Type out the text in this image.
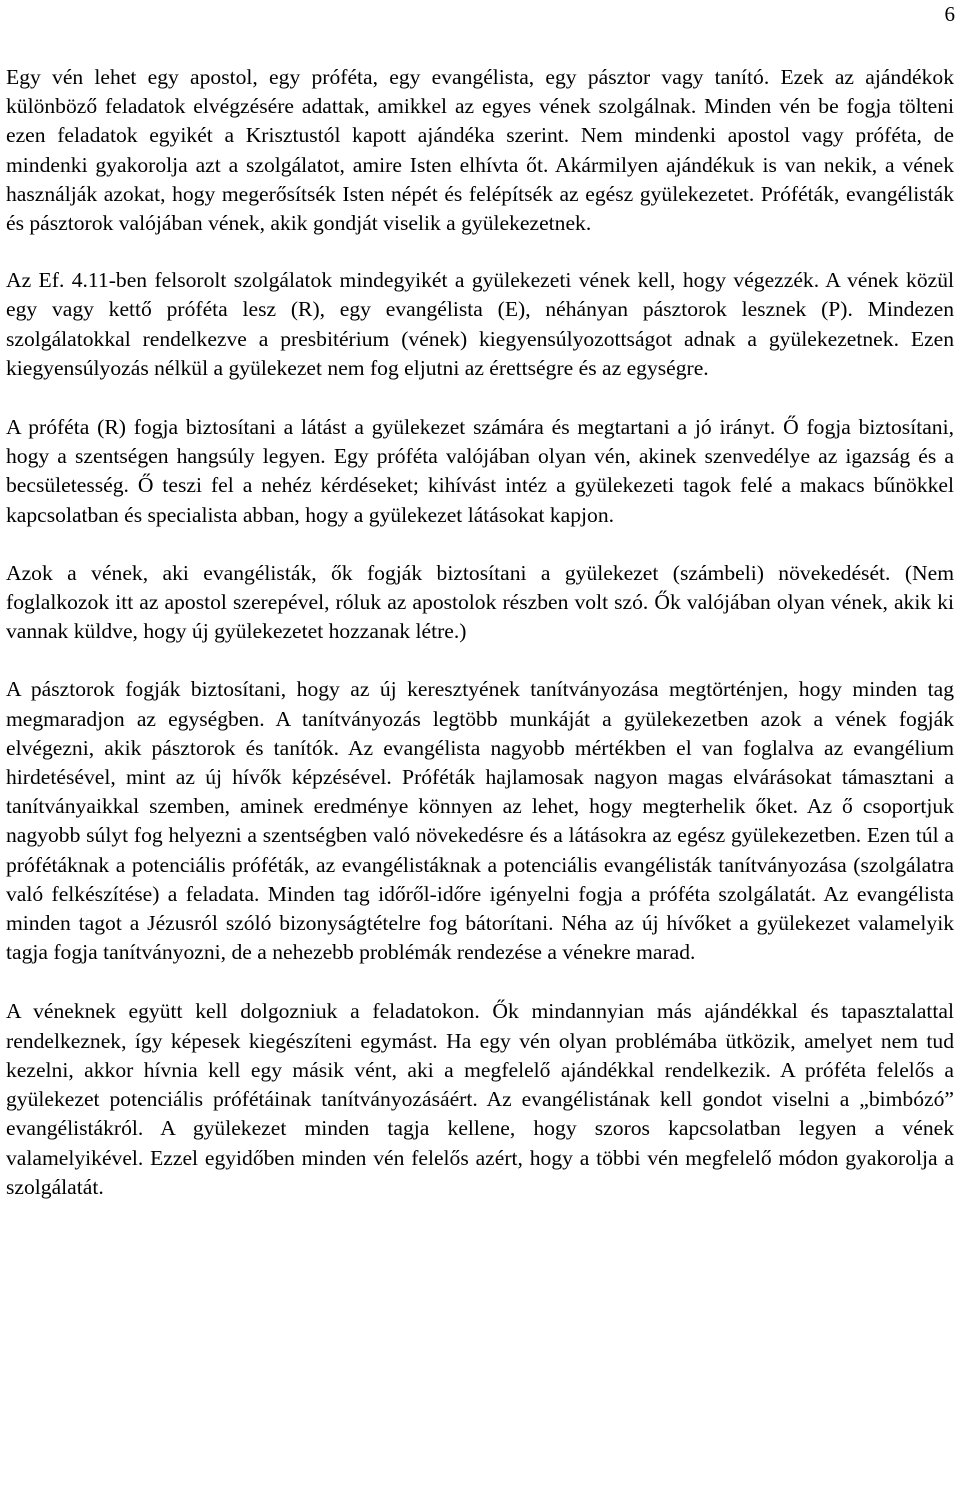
6

Egy vén lehet egy apostol, egy próféta, egy evangélista, egy pásztor vagy tanító. Ezek az ajándékok különböző feladatok elvégzésére adattak, amikkel az egyes vének szolgálnak. Minden vén be fogja tölteni ezen feladatok egyikét a Krisztustól kapott ajándéka szerint. Nem mindenki apostol vagy próféta, de mindenki gyakorolja azt a szolgálatot, amire Isten elhívta őt. Akármilyen ajándékuk is van nekik, a vének használják azokat, hogy megerősítsék Isten népét és felépítsék az egész gyülekezetet. Próféták, evangélisták és pásztorok valójában vének, akik gondját viselik a gyülekezetnek.

Az Ef. 4.11-ben felsorolt szolgálatok mindegyikét a gyülekezeti vének kell, hogy végezzék. A vének közül egy vagy kettő próféta lesz (R), egy evangélista (E), néhányan pásztorok lesznek (P). Mindezen szolgálatokkal rendelkezve a presbitérium (vének) kiegyensúlyozottságot adnak a gyülekezetnek. Ezen kiegyensúlyozás nélkül a gyülekezet nem fog eljutni az érettségre és az egységre.

A próféta (R) fogja biztosítani a látást a gyülekezet számára és megtartani a jó irányt. Ő fogja biztosítani, hogy a szentségen hangsúly legyen. Egy próféta valójában olyan vén, akinek szenvedélye az igazság és a becsületesség. Ő teszi fel a nehéz kérdéseket; kihívást intéz a gyülekezeti tagok felé a makacs bűnökkel kapcsolatban és specialista abban, hogy a gyülekezet látásokat kapjon.

Azok a vének, aki evangélisták, ők fogják biztosítani a gyülekezet (számbeli) növekedését. (Nem foglalkozok itt az apostol szerepével, róluk az apostolok részben volt szó. Ők valójában olyan vének, akik ki vannak küldve, hogy új gyülekezetet hozzanak létre.)

A pásztorok fogják biztosítani, hogy az új keresztyének tanítványozása megtörténjen, hogy minden tag megmaradjon az egységben. A tanítványozás legtöbb munkáját a gyülekezetben azok a vének fogják elvégezni, akik pásztorok és tanítók. Az evangélista nagyobb mértékben el van foglalva az evangélium hirdetésével, mint az új hívők képzésével. Próféták hajlamosak nagyon magas elvárásokat támasztani a tanítványaikkal szemben, aminek eredménye könnyen az lehet, hogy megterhelik őket. Az ő csoportjuk nagyobb súlyt fog helyezni a szentségben való növekedésre és a látásokra az egész gyülekezetben. Ezen túl a prófétáknak a potenciális próféták, az evangélistáknak a potenciális evangélisták tanítványozása (szolgálatra való felkészítése) a feladata. Minden tag időről-időre igényelni fogja a próféta szolgálatát. Az evangélista minden tagot a Jézusról szóló bizonyságtételre fog bátorítani. Néha az új hívőket a gyülekezet valamelyik tagja fogja tanítványozni, de a nehezebb problémák rendezése a vénekre marad.

A véneknek együtt kell dolgozniuk a feladatokon. Ők mindannyian más ajándékkal és tapasztalattal rendelkeznek, így képesek kiegészíteni egymást. Ha egy vén olyan problémába ütközik, amelyet nem tud kezelni, akkor hívnia kell egy másik vént, aki a megfelelő ajándékkal rendelkezik. A próféta felelős a gyülekezet potenciális prófétáinak tanítványozásáért. Az evangélistának kell gondot viselni a „bimbózó” evangélistákról. A gyülekezet minden tagja kellene, hogy szoros kapcsolatban legyen a vének valamelyikével. Ezzel egyidőben minden vén felelős azért, hogy a többi vén megfelelő módon gyakorolja a szolgálatát.
